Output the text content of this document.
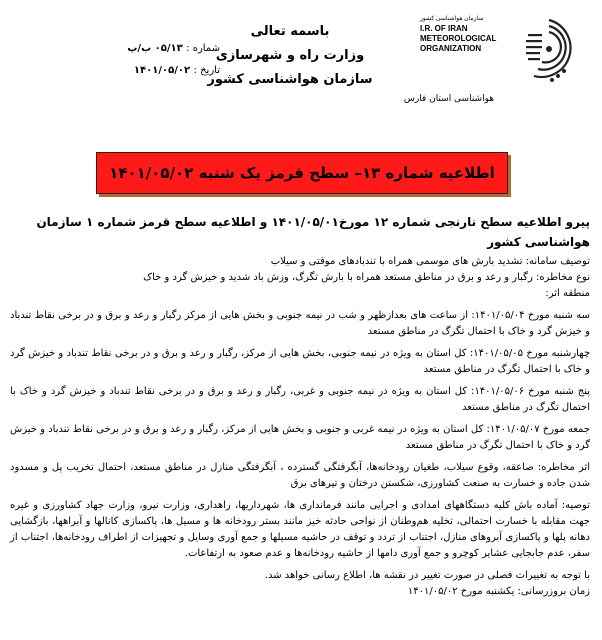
باسمه تعالی
وزارت راه و شهرسازی
سازمان هواشناسی کشور
شماره : ۰۵/۱۳ ب/پ
تاریخ : ۱۴۰۱/۰۵/۰۲
سازمان هواشناسی کشور
I.R. OF IRAN
METEOROLOGICAL
ORGANIZATION
هواشناسی استان فارس
اطلاعیه شماره ۱۳– سطح قرمز یک شنبه ۱۴۰۱/۰۵/۰۲
پیرو اطلاعیه سطح نارنجی شماره ۱۲ مورخ۱۴۰۱/۰۵/۰۱ و اطلاعیه سطح قرمز شماره ۱ سازمان هواشناسی کشور

توصیف سامانه: تشدید بارش های موسمی همراه با تندبادهای موقتی و سیلاب

نوع مخاطره: رگبار و رعد و برق در مناطق مستعد همراه با بارش تگرگ، وزش باد شدید و خیزش گرد و خاک

منطقه اثر:

سه شنبه مورخ ۱۴۰۱/۰۵/۰۴: از ساعت های بعدازظهر و شب در نیمه جنوبی و بخش هایی از مرکز رگبار و رعد و برق و در برخی نقاط تندباد و خیزش گرد و خاک با احتمال تگرگ در مناطق مستعد

چهارشنبه مورخ ۱۴۰۱/۰۵/۰۵: کل استان به ویژه در نیمه جنوبی، بخش هایی از مرکز، رگبار و رعد و برق و در برخی نقاط تندباد و خیزش گرد و خاک با احتمال تگرگ در مناطق مستعد

پنج شنبه مورخ ۱۴۰۱/۰۵/۰۶: کل استان به ویژه در نیمه جنوبی و غربی، رگبار و رعد و برق و در برخی نقاط تندباد و خیزش گرد و خاک با احتمال تگرگ در مناطق مستعد

جمعه مورخ ۱۴۰۱/۰۵/۰۷: کل استان به ویژه در نیمه غربی و جنوبی و بخش هایی از مرکز، رگبار و رعد و برق و در برخی نقاط تندباد و خیزش گرد و خاک با احتمال تگرگ در مناطق مستعد

اثر مخاطره: صاعقه، وقوع سیلاب، طغیان رودخانه‌ها، آبگرفتگی گسترده ، آبگرفتگی منازل در مناطق مستعد، احتمال تخریب پل و مسدود شدن جاده و خسارت به صنعت کشاورزی، شکستن درختان و تیرهای برق

توصیه: آماده باش کلیه دستگاههای امدادی و اجرایی مانند فرمانداری ها، شهرداریها، راهداری، وزارت نیرو، وزارت جهاد کشاورزی و غیره جهت مقابله با خسارت احتمالی، تخلیه هم‌وطنان از نواحی حادثه خیز مانند بستر رودخانه ها و مسیل ها، پاکسازی کانالها و آبراهها، بازگشایی دهانه پلها و پاکسازی آبروهای منازل، اجتناب از تردد و توقف در حاشیه مسیلها و جمع آوری وسایل و تجهیزات از اطراف رودخانه‌ها، اجتناب از سفر، عدم جابجایی عشایر کوچرو و جمع آوری دامها از حاشیه رودخانه‌ها و عدم صعود به ارتفاعات.

با توجه به تغییرات فصلی در صورت تغییر در نقشه ها، اطلاع رسانی خواهد شد.

زمان بروزرسانی: یکشنبه مورخ ۱۴۰۱/۰۵/۰۲
